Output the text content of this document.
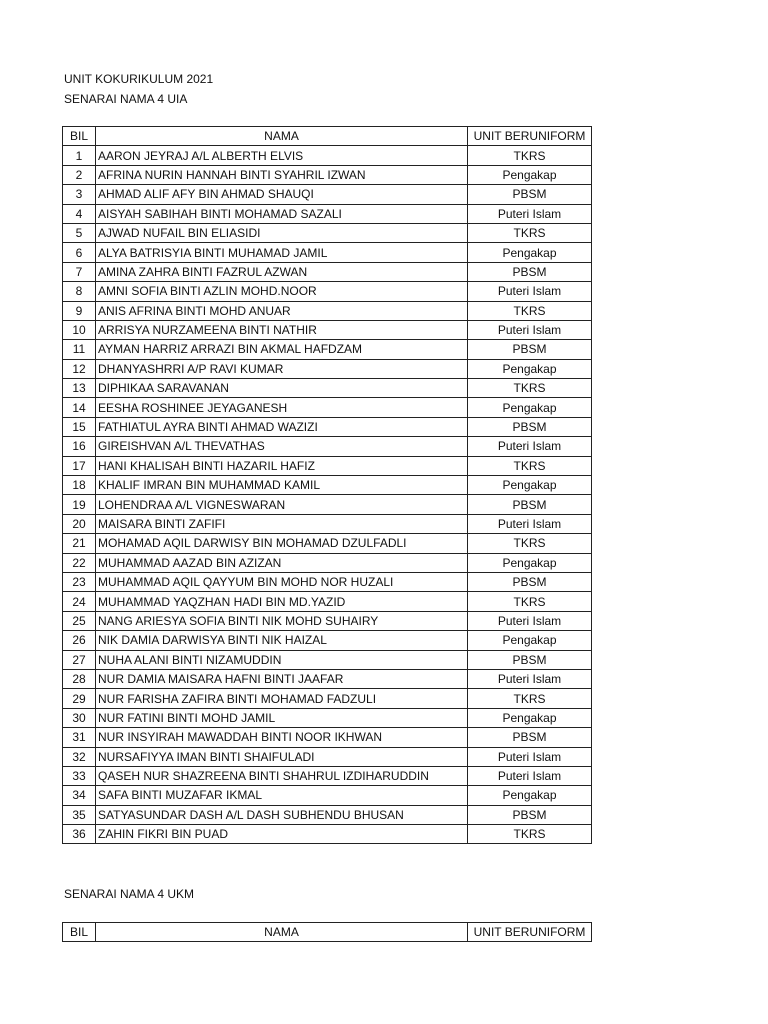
UNIT KOKURIKULUM 2021
SENARAI NAMA 4 UIA
BIL	NAMA	UNIT BERUNIFORM
1	AARON JEYRAJ A/L ALBERTH ELVIS	TKRS
2	AFRINA NURIN HANNAH BINTI SYAHRIL IZWAN	Pengakap
3	AHMAD ALIF AFY BIN AHMAD SHAUQI	PBSM
4	AISYAH SABIHAH BINTI MOHAMAD SAZALI	Puteri Islam
5	AJWAD NUFAIL BIN ELIASIDI	TKRS
6	ALYA BATRISYIA BINTI MUHAMAD JAMIL	Pengakap
7	AMINA ZAHRA BINTI FAZRUL AZWAN	PBSM
8	AMNI SOFIA BINTI AZLIN MOHD.NOOR	Puteri Islam
9	ANIS AFRINA BINTI MOHD ANUAR	TKRS
10	ARRISYA NURZAMEENA BINTI NATHIR	Puteri Islam
11	AYMAN HARRIZ ARRAZI BIN AKMAL HAFDZAM	PBSM
12	DHANYASHRRI A/P RAVI KUMAR	Pengakap
13	DIPHIKAA SARAVANAN	TKRS
14	EESHA ROSHINEE JEYAGANESH	Pengakap
15	FATHIATUL AYRA BINTI AHMAD WAZIZI	PBSM
16	GIREISHVAN A/L THEVATHAS	Puteri Islam
17	HANI KHALISAH BINTI HAZARIL HAFIZ	TKRS
18	KHALIF IMRAN BIN MUHAMMAD KAMIL	Pengakap
19	LOHENDRAA A/L VIGNESWARAN	PBSM
20	MAISARA BINTI ZAFIFI	Puteri Islam
21	MOHAMAD AQIL DARWISY BIN MOHAMAD DZULFADLI	TKRS
22	MUHAMMAD AAZAD BIN AZIZAN	Pengakap
23	MUHAMMAD AQIL QAYYUM BIN MOHD NOR HUZALI	PBSM
24	MUHAMMAD YAQZHAN HADI BIN MD.YAZID	TKRS
25	NANG ARIESYA SOFIA BINTI NIK MOHD SUHAIRY	Puteri Islam
26	NIK DAMIA DARWISYA BINTI NIK HAIZAL	Pengakap
27	NUHA ALANI BINTI NIZAMUDDIN	PBSM
28	NUR DAMIA MAISARA HAFNI BINTI JAAFAR	Puteri Islam
29	NUR FARISHA ZAFIRA BINTI MOHAMAD FADZULI	TKRS
30	NUR FATINI BINTI MOHD JAMIL	Pengakap
31	NUR INSYIRAH MAWADDAH BINTI NOOR IKHWAN	PBSM
32	NURSAFIYYA IMAN BINTI SHAIFULADI	Puteri Islam
33	QASEH NUR SHAZREENA BINTI SHAHRUL IZDIHARUDDIN	Puteri Islam
34	SAFA BINTI MUZAFAR IKMAL	Pengakap
35	SATYASUNDAR DASH A/L DASH SUBHENDU BHUSAN	PBSM
36	ZAHIN FIKRI BIN PUAD	TKRS
SENARAI NAMA 4 UKM
BIL	NAMA	UNIT BERUNIFORM
